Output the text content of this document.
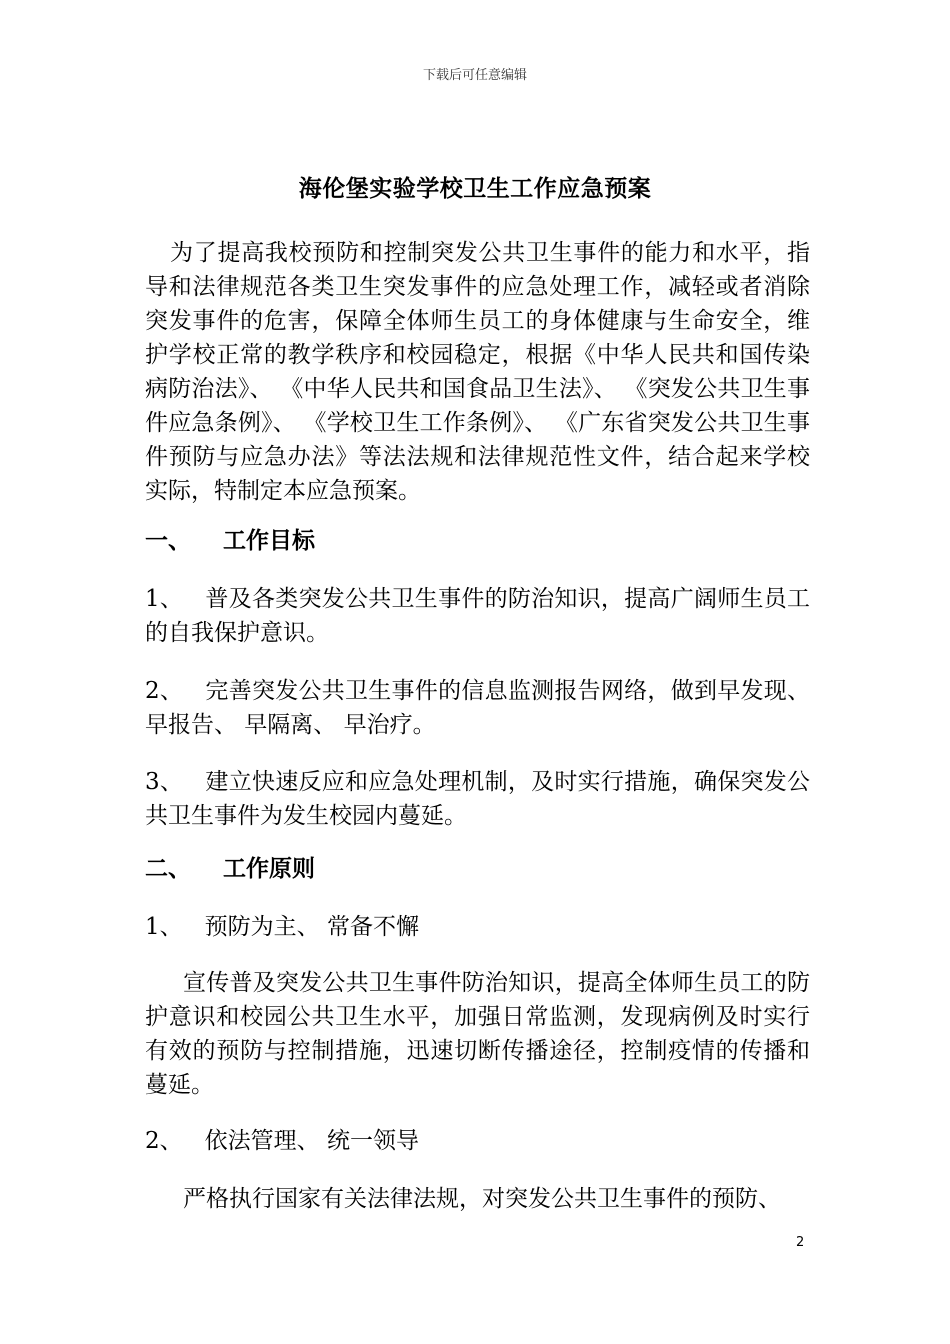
下载后可任意编辑
海伦堡实验学校卫生工作应急预案

为了提高我校预防和控制突发公共卫生事件的能力和水平，指导和法律规范各类卫生突发事件的应急处理工作，减轻或者消除突发事件的危害，保障全体师生员工的身体健康与生命安全，维护学校正常的教学秩序和校园稳定，根据《中华人民共和国传染病防治法》、 《中华人民共和国食品卫生法》、 《突发公共卫生事件应急条例》、 《学校卫生工作条例》、 《广东省突发公共卫生事件预防与应急办法》等法法规和法律规范性文件，结合起来学校实际，特制定本应急预案。

一、 工作目标

1、 普及各类突发公共卫生事件的防治知识，提高广阔师生员工的自我保护意识。

2、 完善突发公共卫生事件的信息监测报告网络，做到早发现、早报告、 早隔离、 早治疗。

3、 建立快速反应和应急处理机制，及时实行措施，确保突发公共卫生事件为发生校园内蔓延。

二、 工作原则

1、 预防为主、 常备不懈

宣传普及突发公共卫生事件防治知识，提高全体师生员工的防护意识和校园公共卫生水平，加强日常监测，发现病例及时实行有效的预防与控制措施，迅速切断传播途径，控制疫情的传播和蔓延。

2、 依法管理、 统一领导

严格执行国家有关法律法规，对突发公共卫生事件的预防、

2
